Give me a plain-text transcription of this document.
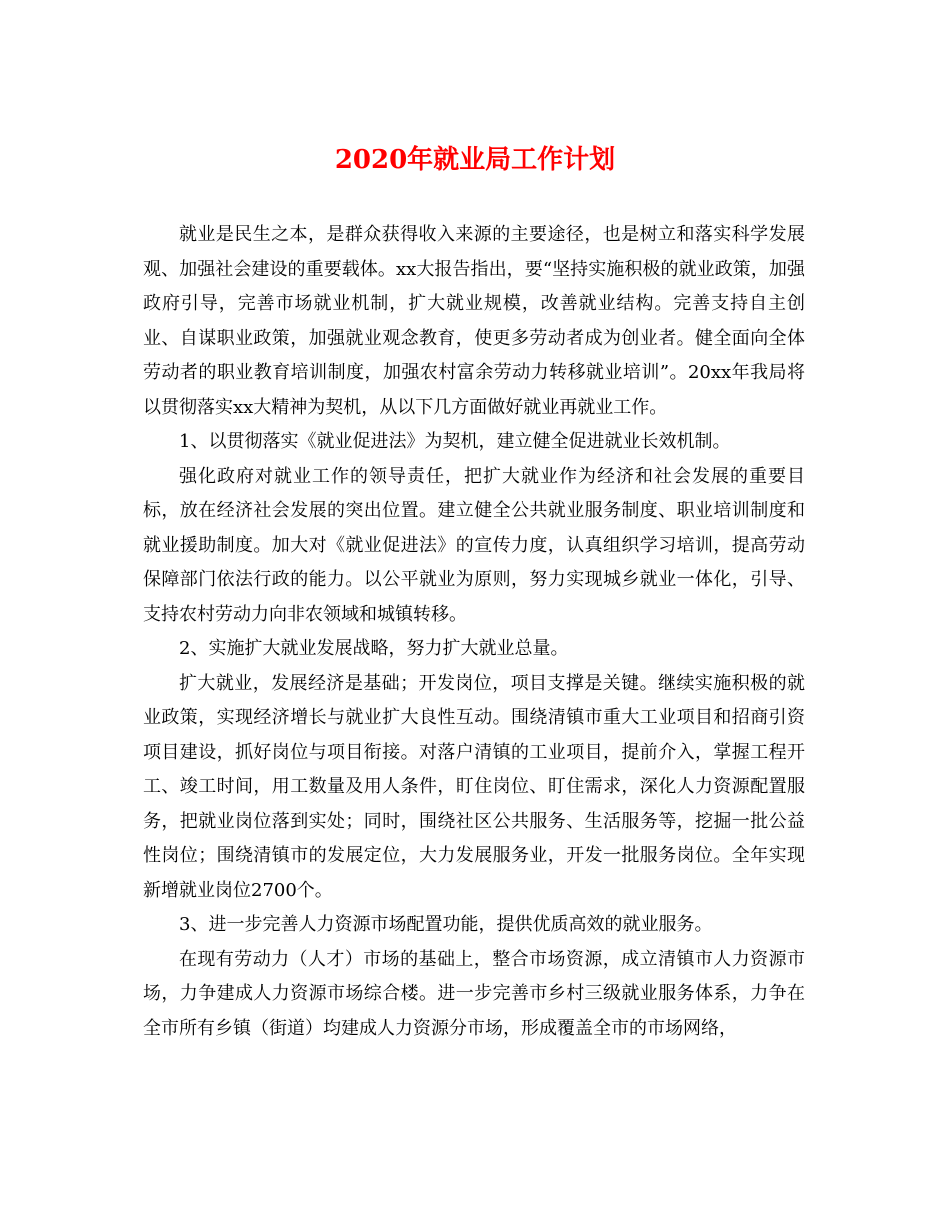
2020年就业局工作计划

就业是民生之本，是群众获得收入来源的主要途径，也是树立和落实科学发展观、加强社会建设的重要载体。xx大报告指出，要“坚持实施积极的就业政策，加强政府引导，完善市场就业机制，扩大就业规模，改善就业结构。完善支持自主创业、自谋职业政策，加强就业观念教育，使更多劳动者成为创业者。健全面向全体劳动者的职业教育培训制度，加强农村富余劳动力转移就业培训”。20xx年我局将以贯彻落实xx大精神为契机，从以下几方面做好就业再就业工作。

1、以贯彻落实《就业促进法》为契机，建立健全促进就业长效机制。

强化政府对就业工作的领导责任，把扩大就业作为经济和社会发展的重要目标，放在经济社会发展的突出位置。建立健全公共就业服务制度、职业培训制度和就业援助制度。加大对《就业促进法》的宣传力度，认真组织学习培训，提高劳动保障部门依法行政的能力。以公平就业为原则，努力实现城乡就业一体化，引导、支持农村劳动力向非农领域和城镇转移。

2、实施扩大就业发展战略，努力扩大就业总量。

扩大就业，发展经济是基础；开发岗位，项目支撑是关键。继续实施积极的就业政策，实现经济增长与就业扩大良性互动。围绕清镇市重大工业项目和招商引资项目建设，抓好岗位与项目衔接。对落户清镇的工业项目，提前介入，掌握工程开工、竣工时间，用工数量及用人条件，盯住岗位、盯住需求，深化人力资源配置服务，把就业岗位落到实处；同时，围绕社区公共服务、生活服务等，挖掘一批公益性岗位；围绕清镇市的发展定位，大力发展服务业，开发一批服务岗位。全年实现新增就业岗位2700个。

3、进一步完善人力资源市场配置功能，提供优质高效的就业服务。

在现有劳动力（人才）市场的基础上，整合市场资源，成立清镇市人力资源市场，力争建成人力资源市场综合楼。进一步完善市乡村三级就业服务体系，力争在全市所有乡镇（街道）均建成人力资源分市场，形成覆盖全市的市场网络，
